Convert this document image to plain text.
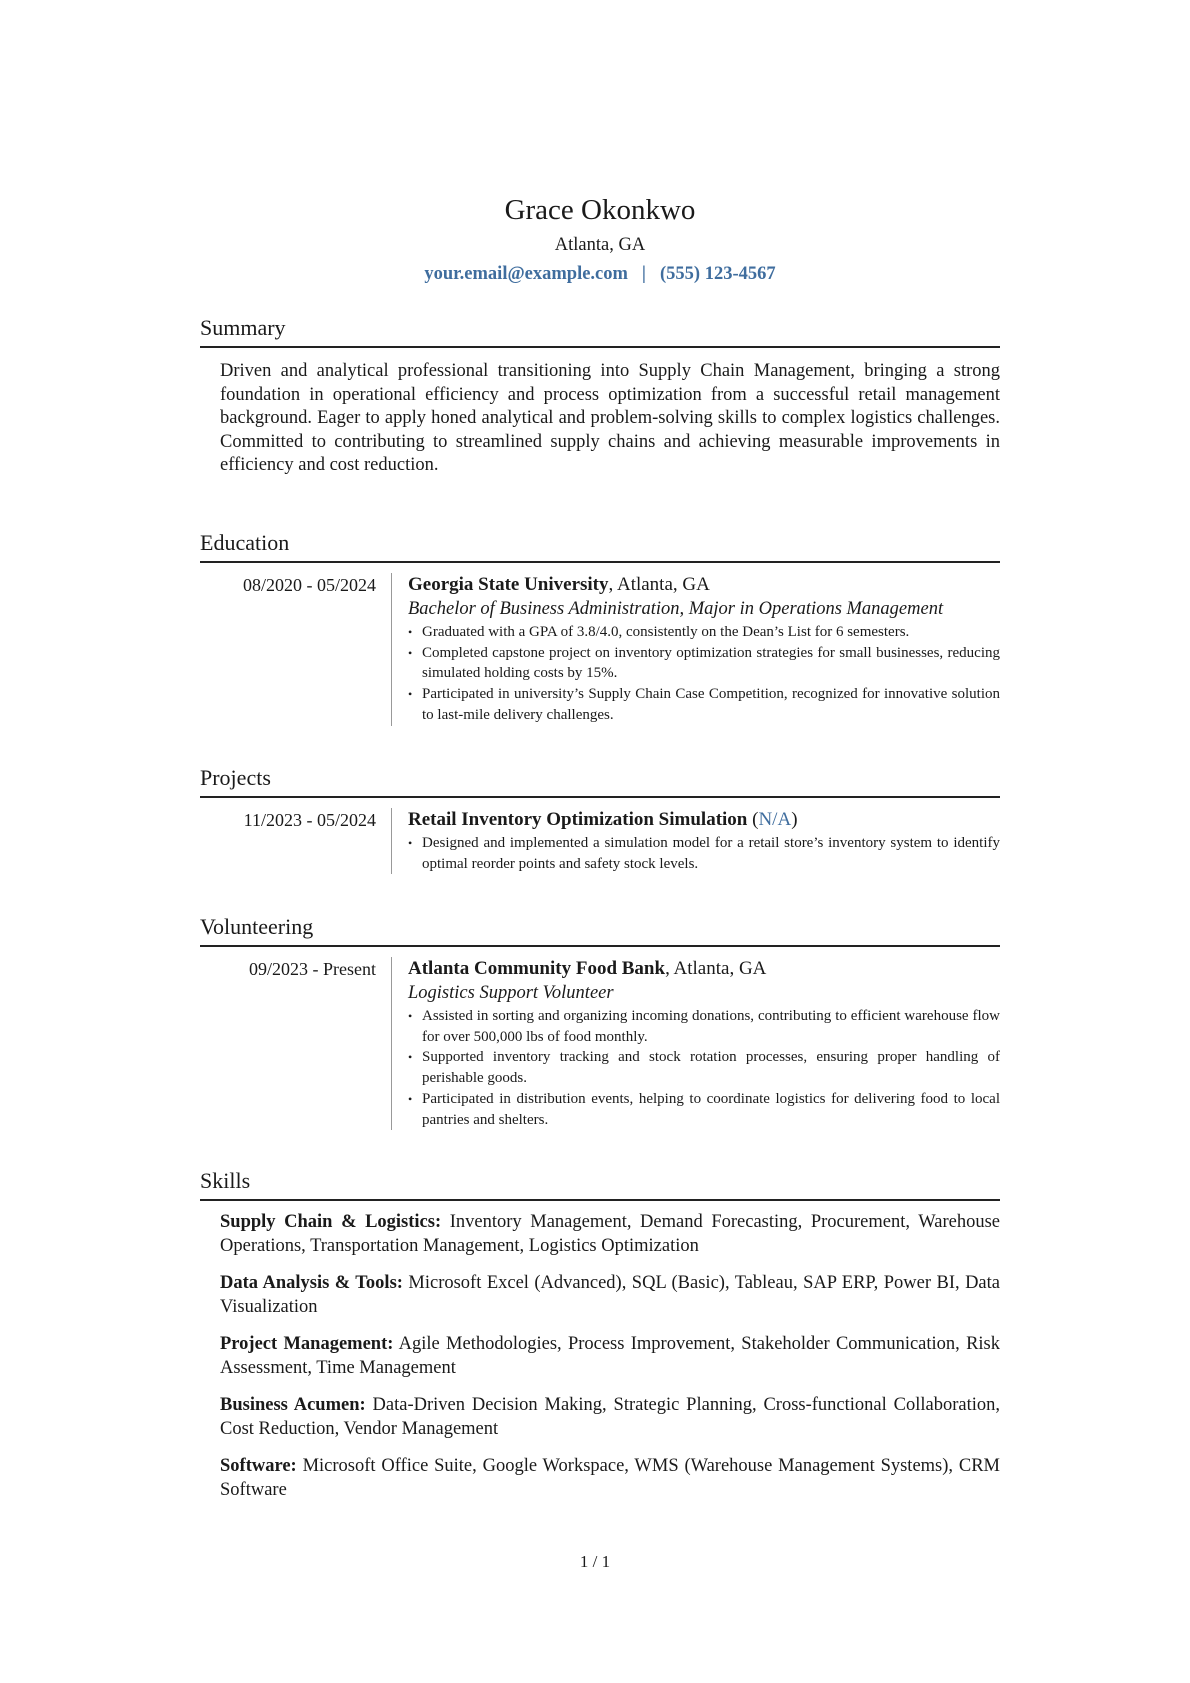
Grace Okonkwo
Atlanta, GA
your.email@example.com | (555) 123-4567
Summary

Driven and analytical professional transitioning into Supply Chain Management, bringing a strong foundation in operational efficiency and process optimization from a successful retail management background. Eager to apply honed analytical and problem-solving skills to complex logistics challenges. Committed to contributing to streamlined supply chains and achieving measurable improvements in efficiency and cost reduction.

Education
08/2020 - 05/2024	Georgia State University, Atlanta, GA
Bachelor of Business Administration, Major in Operations Management
• Graduated with a GPA of 3.8/4.0, consistently on the Dean’s List for 6 semesters.
• Completed capstone project on inventory optimization strategies for small businesses, reducing simulated holding costs by 15%.
• Participated in university’s Supply Chain Case Competition, recognized for innovative solution to last-mile delivery challenges.
Projects
11/2023 - 05/2024	Retail Inventory Optimization Simulation (N/A)
• Designed and implemented a simulation model for a retail store’s inventory system to identify optimal reorder points and safety stock levels.
Volunteering
09/2023 - Present	Atlanta Community Food Bank, Atlanta, GA
Logistics Support Volunteer
• Assisted in sorting and organizing incoming donations, contributing to efficient warehouse flow for over 500,000 lbs of food monthly.
• Supported inventory tracking and stock rotation processes, ensuring proper handling of perishable goods.
• Participated in distribution events, helping to coordinate logistics for delivering food to local pantries and shelters.
Skills

Supply Chain & Logistics: Inventory Management, Demand Forecasting, Procurement, Warehouse Operations, Transportation Management, Logistics Optimization

Data Analysis & Tools: Microsoft Excel (Advanced), SQL (Basic), Tableau, SAP ERP, Power BI, Data Visualization

Project Management: Agile Methodologies, Process Improvement, Stakeholder Communication, Risk Assessment, Time Management

Business Acumen: Data-Driven Decision Making, Strategic Planning, Cross-functional Collaboration, Cost Reduction, Vendor Management

Software: Microsoft Office Suite, Google Workspace, WMS (Warehouse Management Systems), CRM Software

1 / 1
